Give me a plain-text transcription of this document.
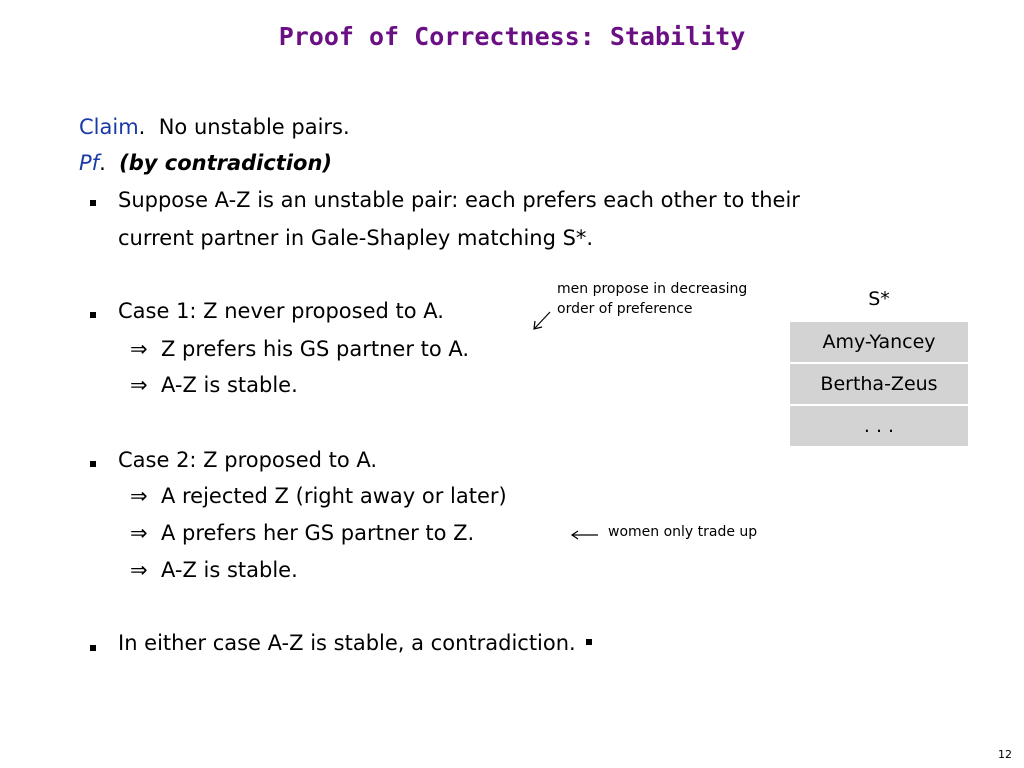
Proof of Correctness: Stability
Claim. No unstable pairs.
Pf. (by contradiction)
Suppose A-Z is an unstable pair: each prefers each other to their
current partner in Gale-Shapley matching S*.
Case 1: Z never proposed to A.
⇒ Z prefers his GS partner to A.
⇒ A-Z is stable.
Case 2: Z proposed to A.
⇒ A rejected Z (right away or later)
⇒ A prefers her GS partner to Z.
⇒ A-Z is stable.
In either case A-Z is stable, a contradiction.
men propose in decreasing
order of preference
women only trade up
S*
Amy-Yancey
Bertha-Zeus
. . .
12
